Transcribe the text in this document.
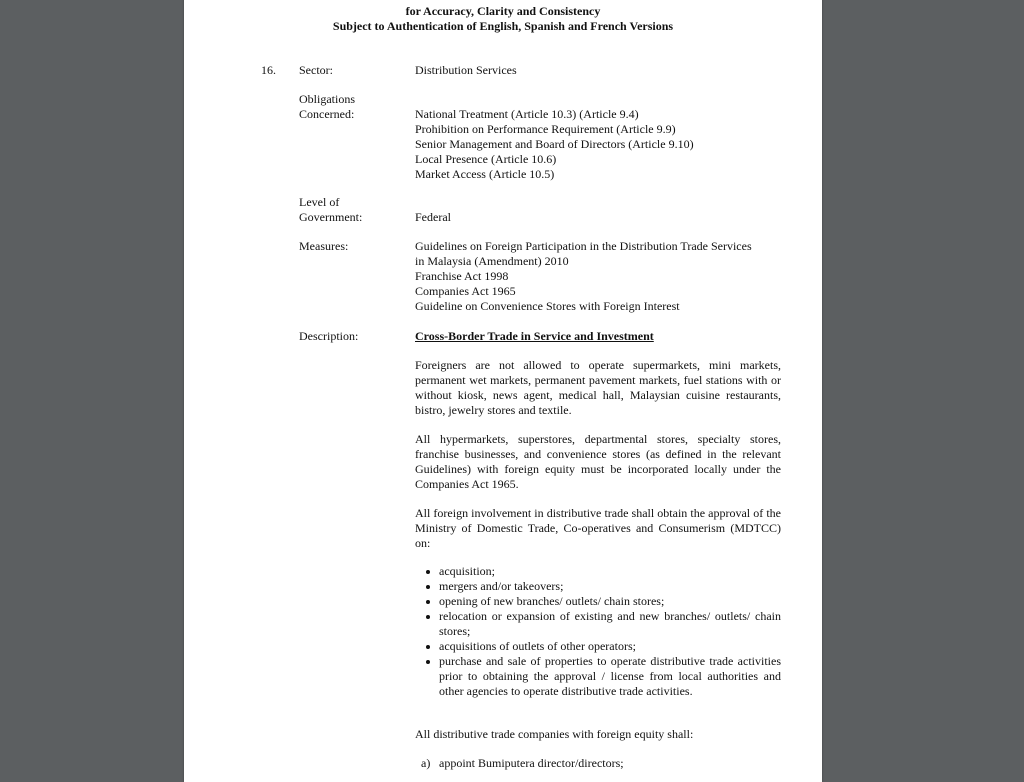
for Accuracy, Clarity and Consistency
Subject to Authentication of English, Spanish and French Versions
16. Sector:	Distribution Services
Obligations
Concerned:	National Treatment (Article 10.3) (Article 9.4)
Prohibition on Performance Requirement (Article 9.9)
Senior Management and Board of Directors (Article 9.10)
Local Presence (Article 10.6)
Market Access (Article 10.5)
Level of
Government:	Federal
Measures:	Guidelines on Foreign Participation in the Distribution Trade Services
in Malaysia (Amendment) 2010
Franchise Act 1998
Companies Act 1965
Guideline on Convenience Stores with Foreign Interest
Description:	Cross-Border Trade in Service and Investment
Foreigners are not allowed to operate supermarkets, mini markets, permanent wet markets, permanent pavement markets, fuel stations with or without kiosk, news agent, medical hall, Malaysian cuisine restaurants, bistro, jewelry stores and textile.
All hypermarkets, superstores, departmental stores, specialty stores, franchise businesses, and convenience stores (as defined in the relevant Guidelines) with foreign equity must be incorporated locally under the Companies Act 1965.
All foreign involvement in distributive trade shall obtain the approval of the Ministry of Domestic Trade, Co-operatives and Consumerism (MDTCC) on:
acquisition;
mergers and/or takeovers;
opening of new branches/ outlets/ chain stores;
relocation or expansion of existing and new branches/ outlets/ chain stores;
acquisitions of outlets of other operators;
purchase and sale of properties to operate distributive trade activities prior to obtaining the approval / license from local authorities and other agencies to operate distributive trade activities.
All distributive trade companies with foreign equity shall:
a) appoint Bumiputera director/directors;
